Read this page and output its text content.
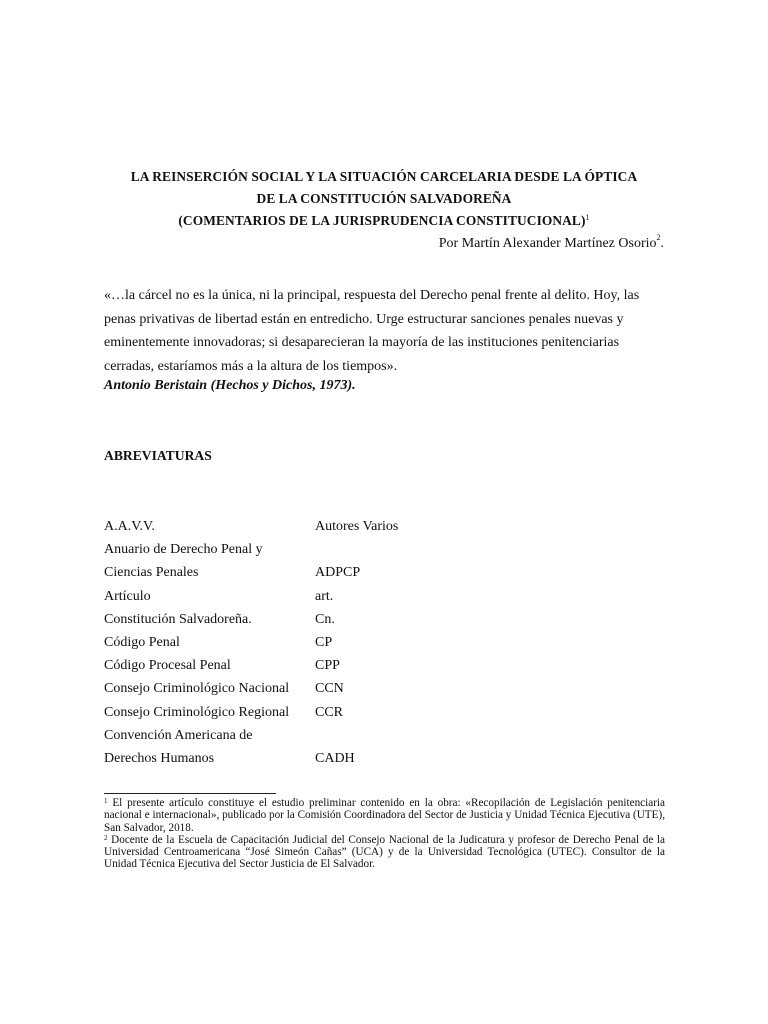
LA REINSERCIÓN SOCIAL Y LA SITUACIÓN CARCELARIA DESDE LA ÓPTICA
DE LA CONSTITUCIÓN SALVADOREÑA
(COMENTARIOS DE LA JURISPRUDENCIA CONSTITUCIONAL)$^1$
Por Martín Alexander Martínez Osorio$^2$.
«…la cárcel no es la única, ni la principal, respuesta del Derecho penal frente al delito. Hoy, las
penas privativas de libertad están en entredicho. Urge estructurar sanciones penales nuevas y
eminentemente innovadoras; si desaparecieran la mayoría de las instituciones penitenciarias
cerradas, estaríamos más a la altura de los tiempos».
Antonio Beristain (Hechos y Dichos, 1973).
ABREVIATURAS
A.A.V.V.	Autores Varios
Anuario de Derecho Penal y
Ciencias Penales	ADPCP
Artículo	art.
Constitución Salvadoreña.	Cn.
Código Penal	CP
Código Procesal Penal	CPP
Consejo Criminológico Nacional CCN
Consejo Criminológico Regional CCR
Convención Americana de
Derechos Humanos	CADH

$^1$ El presente artículo constituye el estudio preliminar contenido en la obra: «Recopilación de Legislación penitenciaria nacional e internacional», publicado por la Comisión Coordinadora del Sector de Justicia y Unidad Técnica Ejecutiva (UTE), San Salvador, 2018.

$^2$ Docente de la Escuela de Capacitación Judicial del Consejo Nacional de la Judicatura y profesor de Derecho Penal de la Universidad Centroamericana “José Simeón Cañas” (UCA) y de la Universidad Tecnológica (UTEC). Consultor de la Unidad Técnica Ejecutiva del Sector Justicia de El Salvador.
